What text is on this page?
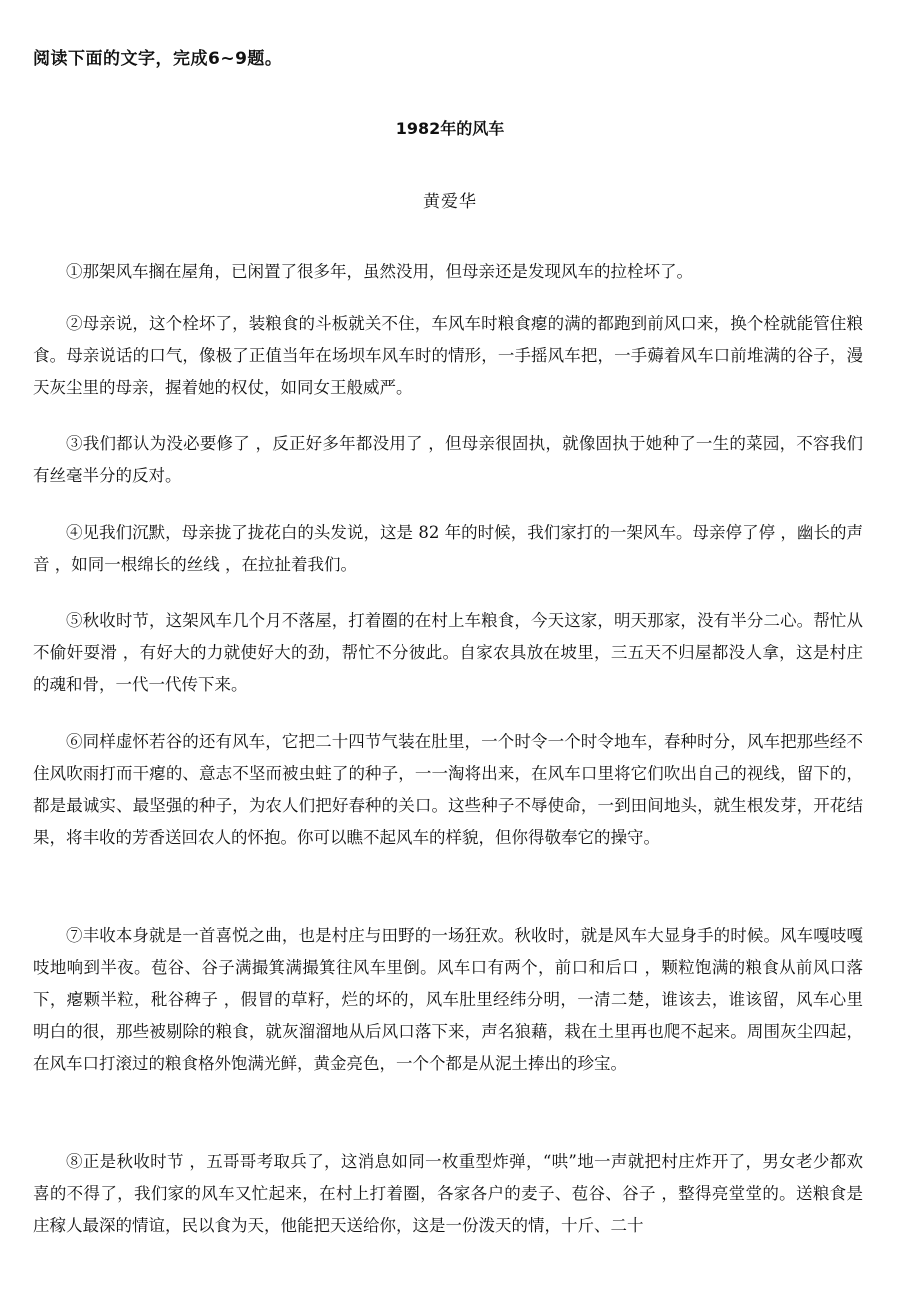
阅读下面的文字，完成6~9题。
1982年的风车
黄爱华

①那架风车搁在屋角，已闲置了很多年，虽然没用，但母亲还是发现风车的拉栓坏了。

②母亲说，这个栓坏了，装粮食的斗板就关不住，车风车时粮食瘪的满的都跑到前风口来，换个栓就能管住粮食。母亲说话的口气，像极了正值当年在场坝车风车时的情形，一手摇风车把，一手薅着风车口前堆满的谷子，漫天灰尘里的母亲，握着她的权仗，如同女王般威严。

③我们都认为没必要修了 ，反正好多年都没用了 ，但母亲很固执，就像固执于她种了一生的菜园，不容我们有丝毫半分的反对。

④见我们沉默，母亲拢了拢花白的头发说，这是 82 年的时候，我们家打的一架风车。母亲停了停 ，幽长的声音 ，如同一根绵长的丝线 ，在拉扯着我们。

⑤秋收时节，这架风车几个月不落屋，打着圈的在村上车粮食，今天这家，明天那家，没有半分二心。帮忙从不偷奸耍滑 ，有好大的力就使好大的劲，帮忙不分彼此。自家农具放在坡里，三五天不归屋都没人拿，这是村庄的魂和骨，一代一代传下来。

⑥同样虚怀若谷的还有风车，它把二十四节气装在肚里，一个时令一个时令地车，春种时分，风车把那些经不住风吹雨打而干瘪的、意志不坚而被虫蛀了的种子，一一淘将出来，在风车口里将它们吹出自己的视线，留下的，都是最诚实、最坚强的种子，为农人们把好春种的关口。这些种子不辱使命，一到田间地头，就生根发芽，开花结果，将丰收的芳香送回农人的怀抱。你可以瞧不起风车的样貌，但你得敬奉它的操守。

⑦丰收本身就是一首喜悦之曲，也是村庄与田野的一场狂欢。秋收时，就是风车大显身手的时候。风车嘎吱嘎吱地响到半夜。苞谷、谷子满撮箕满撮箕往风车里倒。风车口有两个，前口和后口 ，颗粒饱满的粮食从前风口落下，瘪颗半粒，秕谷稗子 ，假冒的草籽，烂的坏的，风车肚里经纬分明，一清二楚，谁该去，谁该留，风车心里明白的很，那些被剔除的粮食，就灰溜溜地从后风口落下来，声名狼藉，栽在土里再也爬不起来。周围灰尘四起，在风车口打滚过的粮食格外饱满光鲜，黄金亮色，一个个都是从泥土捧出的珍宝。

⑧正是秋收时节 ，五哥哥考取兵了，这消息如同一枚重型炸弹，“哄”地一声就把村庄炸开了，男女老少都欢喜的不得了，我们家的风车又忙起来，在村上打着圈，各家各户的麦子、苞谷、谷子 ，整得亮堂堂的。送粮食是庄稼人最深的情谊，民以食为天，他能把天送给你，这是一份泼天的情，十斤、二十
